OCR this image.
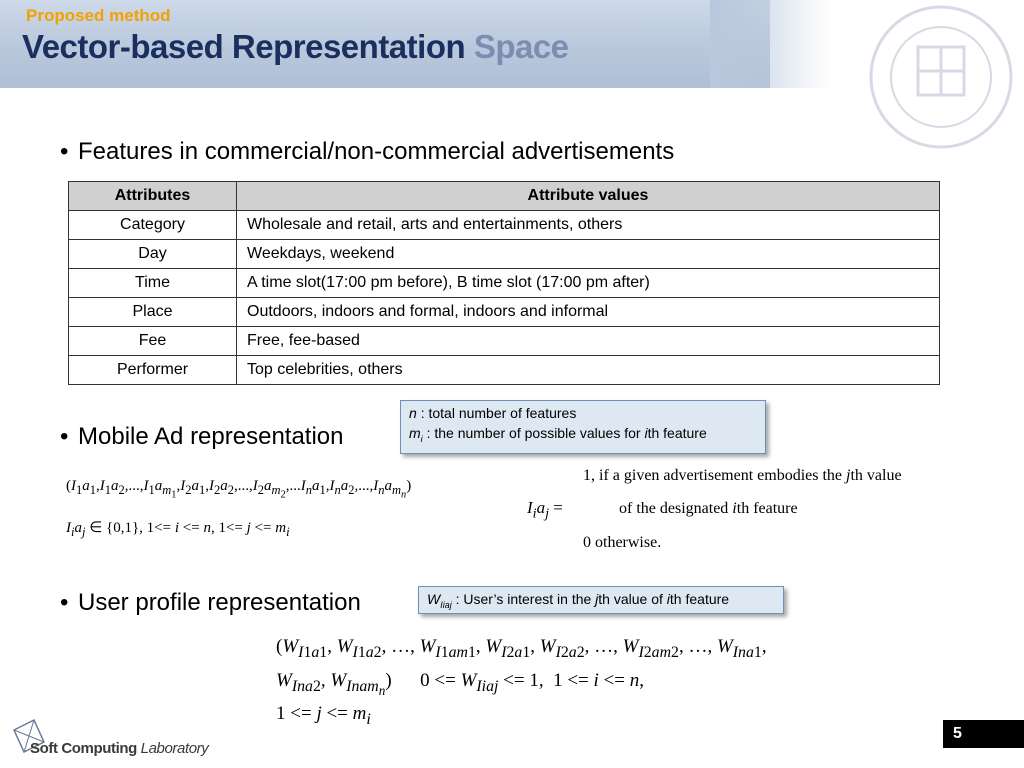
Proposed method
Vector-based Representation Space
• Features in commercial/non-commercial advertisements
Attributes	Attribute values
Category	Wholesale and retail, arts and entertainments, others
Day	Weekdays, weekend
Time	A time slot(17:00 pm before), B time slot (17:00 pm after)
Place	Outdoors, indoors and formal, indoors and informal
Fee	Free, fee-based
Performer	Top celebrities, others
• Mobile Ad representation
n : total number of features
$m_i$ : the number of possible values for ith feature
$(I_1a_1,I_1a_2,...,I_1a_{m_1},I_2a_1,I_2a_2,...,I_2a_{m_2},...I_na_1,I_na_2,...,I_na_{m_n})$
$I_ia_j$ ∈ {0,1}, 1<= i <= n, $1<= j <= m_i$
$I_ia_j$ =
1, if a given advertisement embodies the jth value
of the designated ith feature
0 otherwise.
• User profile representation	$W_{Iiaj}$ : User’s interest in the jth value of ith feature
($W_{I1a1}$, $W_{I1a2}$, …, $W_{I1am1}$, $W_{I2a1}$, $W_{I2a2}$, …, $W_{I2am2}$, …, $W_{Ina1}$,
$W_{Ina2}$, $W_{Inam_n}$)      $0 <= W_{Iiaj} <= 1$,  1 <= i <= n,
$1 <= j <= m_i$
Soft Computing Laboratory
5
